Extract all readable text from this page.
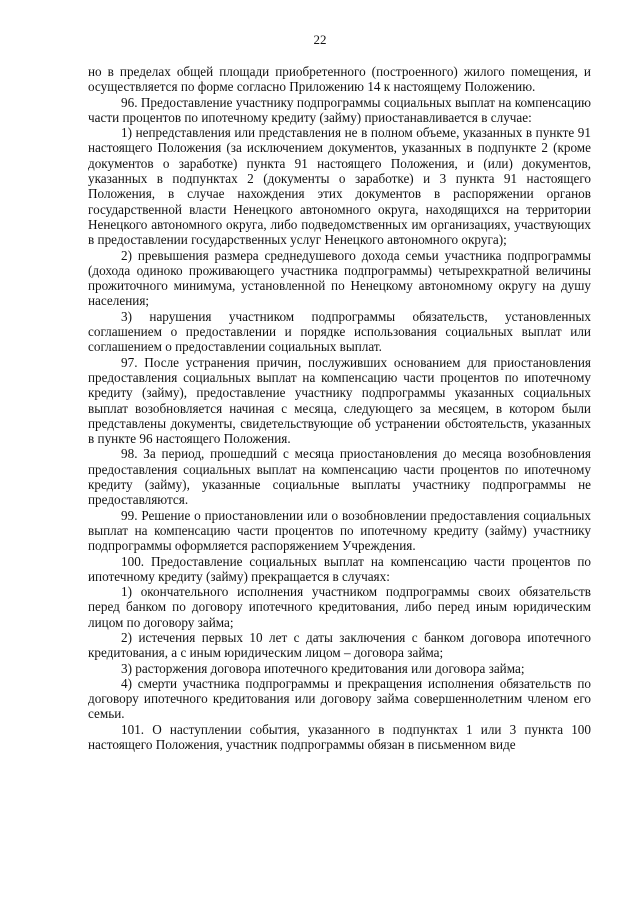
22

но в пределах общей площади приобретенного (построенного) жилого помещения, и осуществляется по форме согласно Приложению 14 к настоящему Положению.

96. Предоставление участнику подпрограммы социальных выплат на компенсацию части процентов по ипотечному кредиту (займу) приостанавливается в случае:

1) непредставления или представления не в полном объеме, указанных в пункте 91 настоящего Положения (за исключением документов, указанных в подпункте 2 (кроме документов о заработке) пункта 91 настоящего Положения, и (или) документов, указанных в подпунктах 2 (документы о заработке) и 3 пункта 91 настоящего Положения, в случае нахождения этих документов в распоряжении органов государственной власти Ненецкого автономного округа, находящихся на территории Ненецкого автономного округа, либо подведомственных им организациях, участвующих в предоставлении государственных услуг Ненецкого автономного округа);

2) превышения размера среднедушевого дохода семьи участника подпрограммы (дохода одиноко проживающего участника подпрограммы) четырехкратной величины прожиточного минимума, установленной по Ненецкому автономному округу на душу населения;

3) нарушения участником подпрограммы обязательств, установленных соглашением о предоставлении и порядке использования социальных выплат или соглашением о предоставлении социальных выплат.

97. После устранения причин, послуживших основанием для приостановления предоставления социальных выплат на компенсацию части процентов по ипотечному кредиту (займу), предоставление участнику подпрограммы указанных социальных выплат возобновляется начиная с месяца, следующего за месяцем, в котором были представлены документы, свидетельствующие об устранении обстоятельств, указанных в пункте 96 настоящего Положения.

98. За период, прошедший с месяца приостановления до месяца возобновления предоставления социальных выплат на компенсацию части процентов по ипотечному кредиту (займу), указанные социальные выплаты участнику подпрограммы не предоставляются.

99. Решение о приостановлении или о возобновлении предоставления социальных выплат на компенсацию части процентов по ипотечному кредиту (займу) участнику подпрограммы оформляется распоряжением Учреждения.

100. Предоставление социальных выплат на компенсацию части процентов по ипотечному кредиту (займу) прекращается в случаях:

1) окончательного исполнения участником подпрограммы своих обязательств перед банком по договору ипотечного кредитования, либо перед иным юридическим лицом по договору займа;

2) истечения первых 10 лет с даты заключения с банком договора ипотечного кредитования, а с иным юридическим лицом – договора займа;

3) расторжения договора ипотечного кредитования или договора займа;

4) смерти участника подпрограммы и прекращения исполнения обязательств по договору ипотечного кредитования или договору займа совершеннолетним членом его семьи.

101. О наступлении события, указанного в подпунктах 1 или 3 пункта 100 настоящего Положения, участник подпрограммы обязан в письменном виде
